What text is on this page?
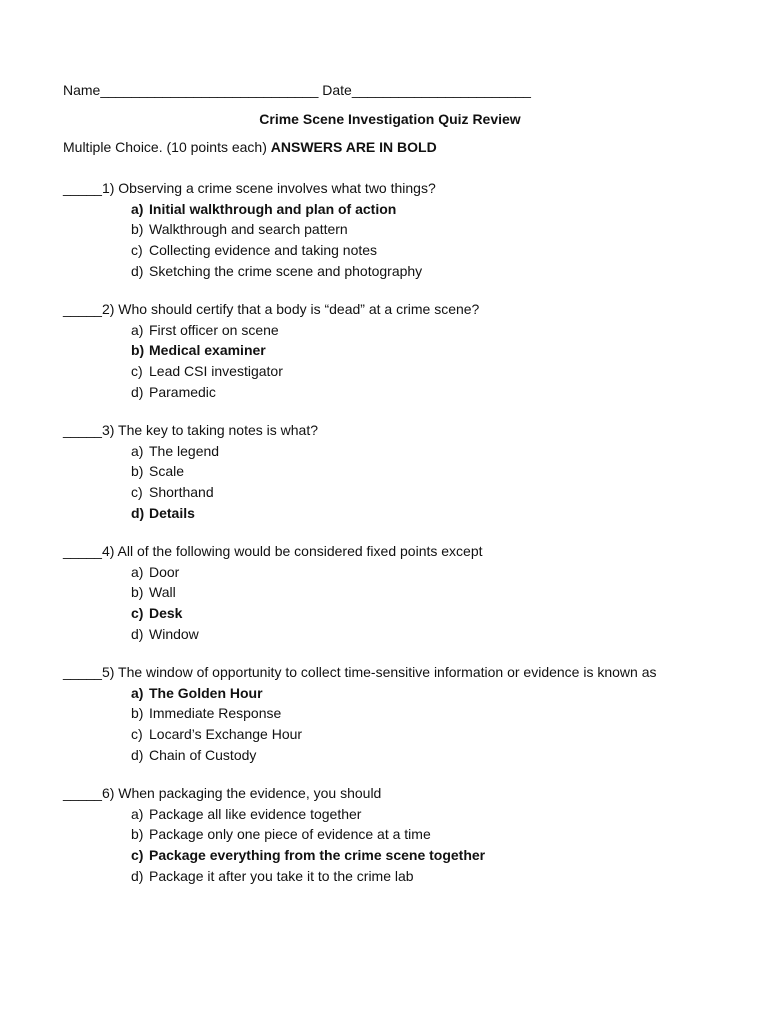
Name____________________________ Date_______________________
Crime Scene Investigation Quiz Review
Multiple Choice. (10 points each) ANSWERS ARE IN BOLD
_____1) Observing a crime scene involves what two things?
a) Initial walkthrough and plan of action
b) Walkthrough and search pattern
c) Collecting evidence and taking notes
d) Sketching the crime scene and photography
_____2) Who should certify that a body is “dead” at a crime scene?
a) First officer on scene
b) Medical examiner
c) Lead CSI investigator
d) Paramedic
_____3) The key to taking notes is what?
a) The legend
b) Scale
c) Shorthand
d) Details
_____4) All of the following would be considered fixed points except
a) Door
b) Wall
c) Desk
d) Window
_____5) The window of opportunity to collect time-sensitive information or evidence is known as
a) The Golden Hour
b) Immediate Response
c) Locard’s Exchange Hour
d) Chain of Custody
_____6) When packaging the evidence, you should
a) Package all like evidence together
b) Package only one piece of evidence at a time
c) Package everything from the crime scene together
d) Package it after you take it to the crime lab
